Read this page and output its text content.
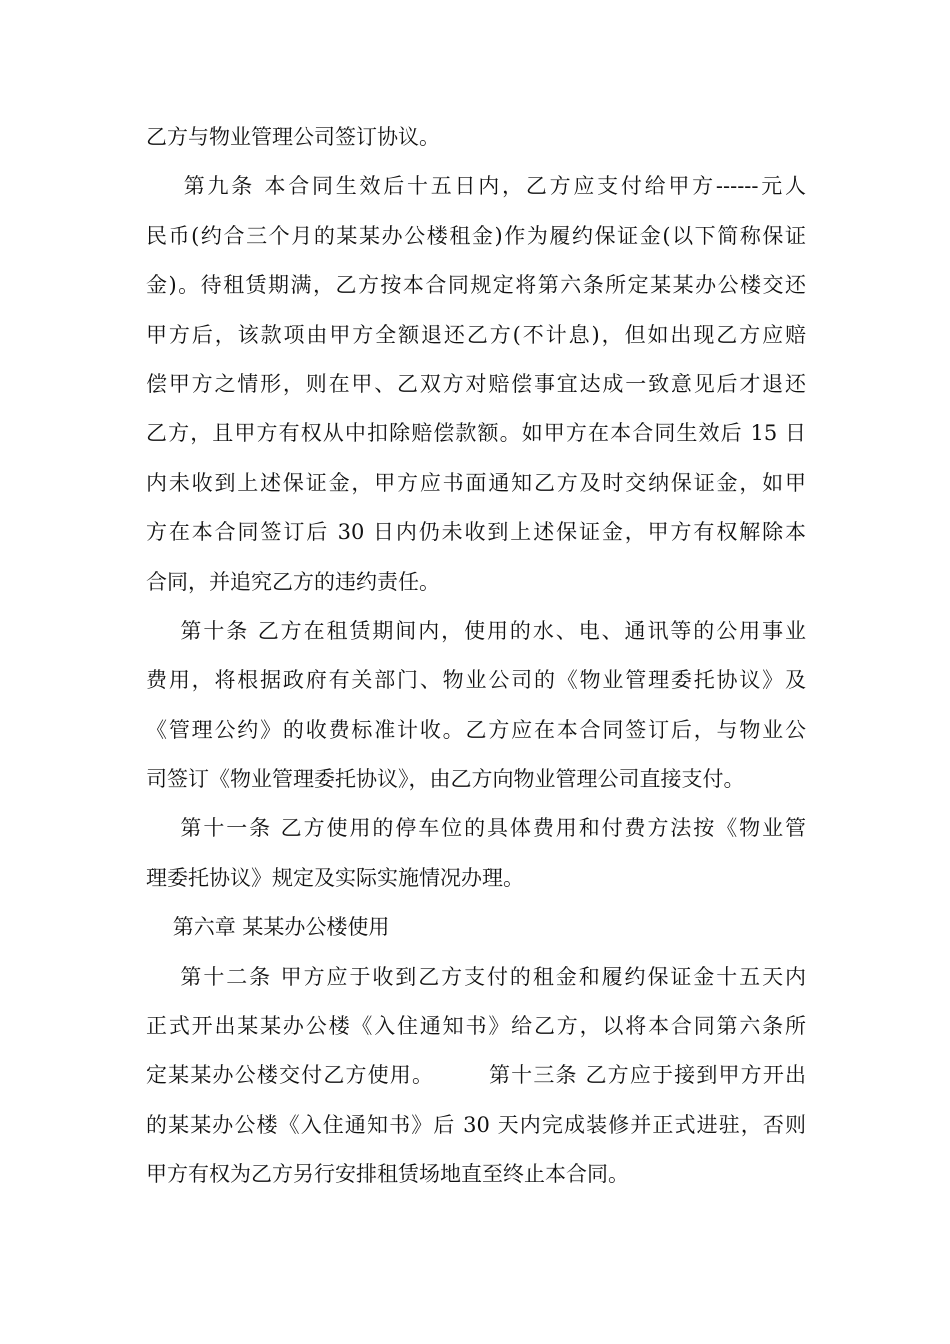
乙方与物业管理公司签订协议。
第九条 本合同生效后十五日内，乙方应支付给甲方------元人
民币(约合三个月的某某办公楼租金)作为履约保证金(以下简称保证
金)。待租赁期满，乙方按本合同规定将第六条所定某某办公楼交还
甲方后，该款项由甲方全额退还乙方(不计息)，但如出现乙方应赔
偿甲方之情形，则在甲、乙双方对赔偿事宜达成一致意见后才退还
乙方，且甲方有权从中扣除赔偿款额。如甲方在本合同生效后 15 日
内未收到上述保证金，甲方应书面通知乙方及时交纳保证金，如甲
方在本合同签订后 30 日内仍未收到上述保证金，甲方有权解除本
合同，并追究乙方的违约责任。
第十条 乙方在租赁期间内，使用的水、电、通讯等的公用事业
费用，将根据政府有关部门、物业公司的《物业管理委托协议》及
《管理公约》的收费标准计收。乙方应在本合同签订后，与物业公
司签订《物业管理委托协议》，由乙方向物业管理公司直接支付。
第十一条 乙方使用的停车位的具体费用和付费方法按《物业管
理委托协议》规定及实际实施情况办理。
第六章 某某办公楼使用
第十二条 甲方应于收到乙方支付的租金和履约保证金十五天内
正式开出某某办公楼《入住通知书》给乙方，以将本合同第六条所
定某某办公楼交付乙方使用。       第十三条 乙方应于接到甲方开出
的某某办公楼《入住通知书》后 30 天内完成装修并正式进驻，否则
甲方有权为乙方另行安排租赁场地直至终止本合同。
